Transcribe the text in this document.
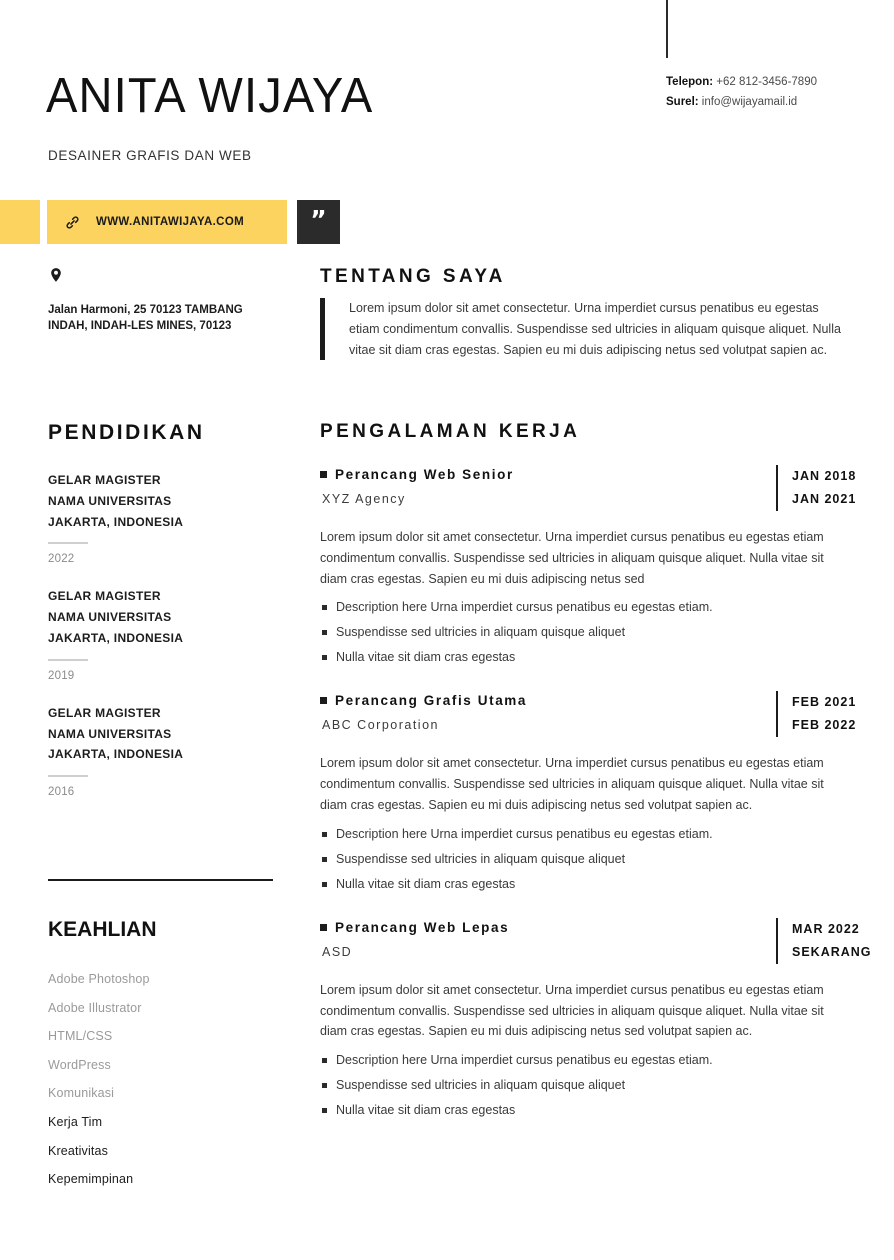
ANITA WIJAYA
DESAINER GRAFIS DAN WEB
Telepon: +62 812-3456-7890
Surel: info@wijayamail.id
WWW.ANITAWIJAYA.COM	”
Jalan Harmoni, 25 70123 TAMBANG INDAH, INDAH-LES MINES, 70123
PENDIDIKAN
GELAR MAGISTER
NAMA UNIVERSITAS
JAKARTA, INDONESIA
2022
GELAR MAGISTER
NAMA UNIVERSITAS
JAKARTA, INDONESIA
2019
GELAR MAGISTER
NAMA UNIVERSITAS
JAKARTA, INDONESIA
2016
KEAHLIAN
Adobe Photoshop
Adobe Illustrator
HTML/CSS
WordPress
Komunikasi
Kerja Tim
Kreativitas
Kepemimpinan
TENTANG SAYA
Lorem ipsum dolor sit amet consectetur. Urna imperdiet cursus penatibus eu egestas etiam condimentum convallis. Suspendisse sed ultricies in aliquam quisque aliquet. Nulla vitae sit diam cras egestas. Sapien eu mi duis adipiscing netus sed volutpat sapien ac.
PENGALAMAN KERJA
Perancang Web Senior
XYZ Agency
JAN 2018
JAN 2021
Lorem ipsum dolor sit amet consectetur. Urna imperdiet cursus penatibus eu egestas etiam condimentum convallis. Suspendisse sed ultricies in aliquam quisque aliquet. Nulla vitae sit diam cras egestas. Sapien eu mi duis adipiscing netus sed
Description here Urna imperdiet cursus penatibus eu egestas etiam.
Suspendisse sed ultricies in aliquam quisque aliquet
Nulla vitae sit diam cras egestas
Perancang Grafis Utama
ABC Corporation
FEB 2021
FEB 2022
Lorem ipsum dolor sit amet consectetur. Urna imperdiet cursus penatibus eu egestas etiam condimentum convallis. Suspendisse sed ultricies in aliquam quisque aliquet. Nulla vitae sit diam cras egestas. Sapien eu mi duis adipiscing netus sed volutpat sapien ac.
Description here Urna imperdiet cursus penatibus eu egestas etiam.
Suspendisse sed ultricies in aliquam quisque aliquet
Nulla vitae sit diam cras egestas
Perancang Web Lepas
ASD
MAR 2022
SEKARANG
Lorem ipsum dolor sit amet consectetur. Urna imperdiet cursus penatibus eu egestas etiam condimentum convallis. Suspendisse sed ultricies in aliquam quisque aliquet. Nulla vitae sit diam cras egestas. Sapien eu mi duis adipiscing netus sed volutpat sapien ac.
Description here Urna imperdiet cursus penatibus eu egestas etiam.
Suspendisse sed ultricies in aliquam quisque aliquet
Nulla vitae sit diam cras egestas
